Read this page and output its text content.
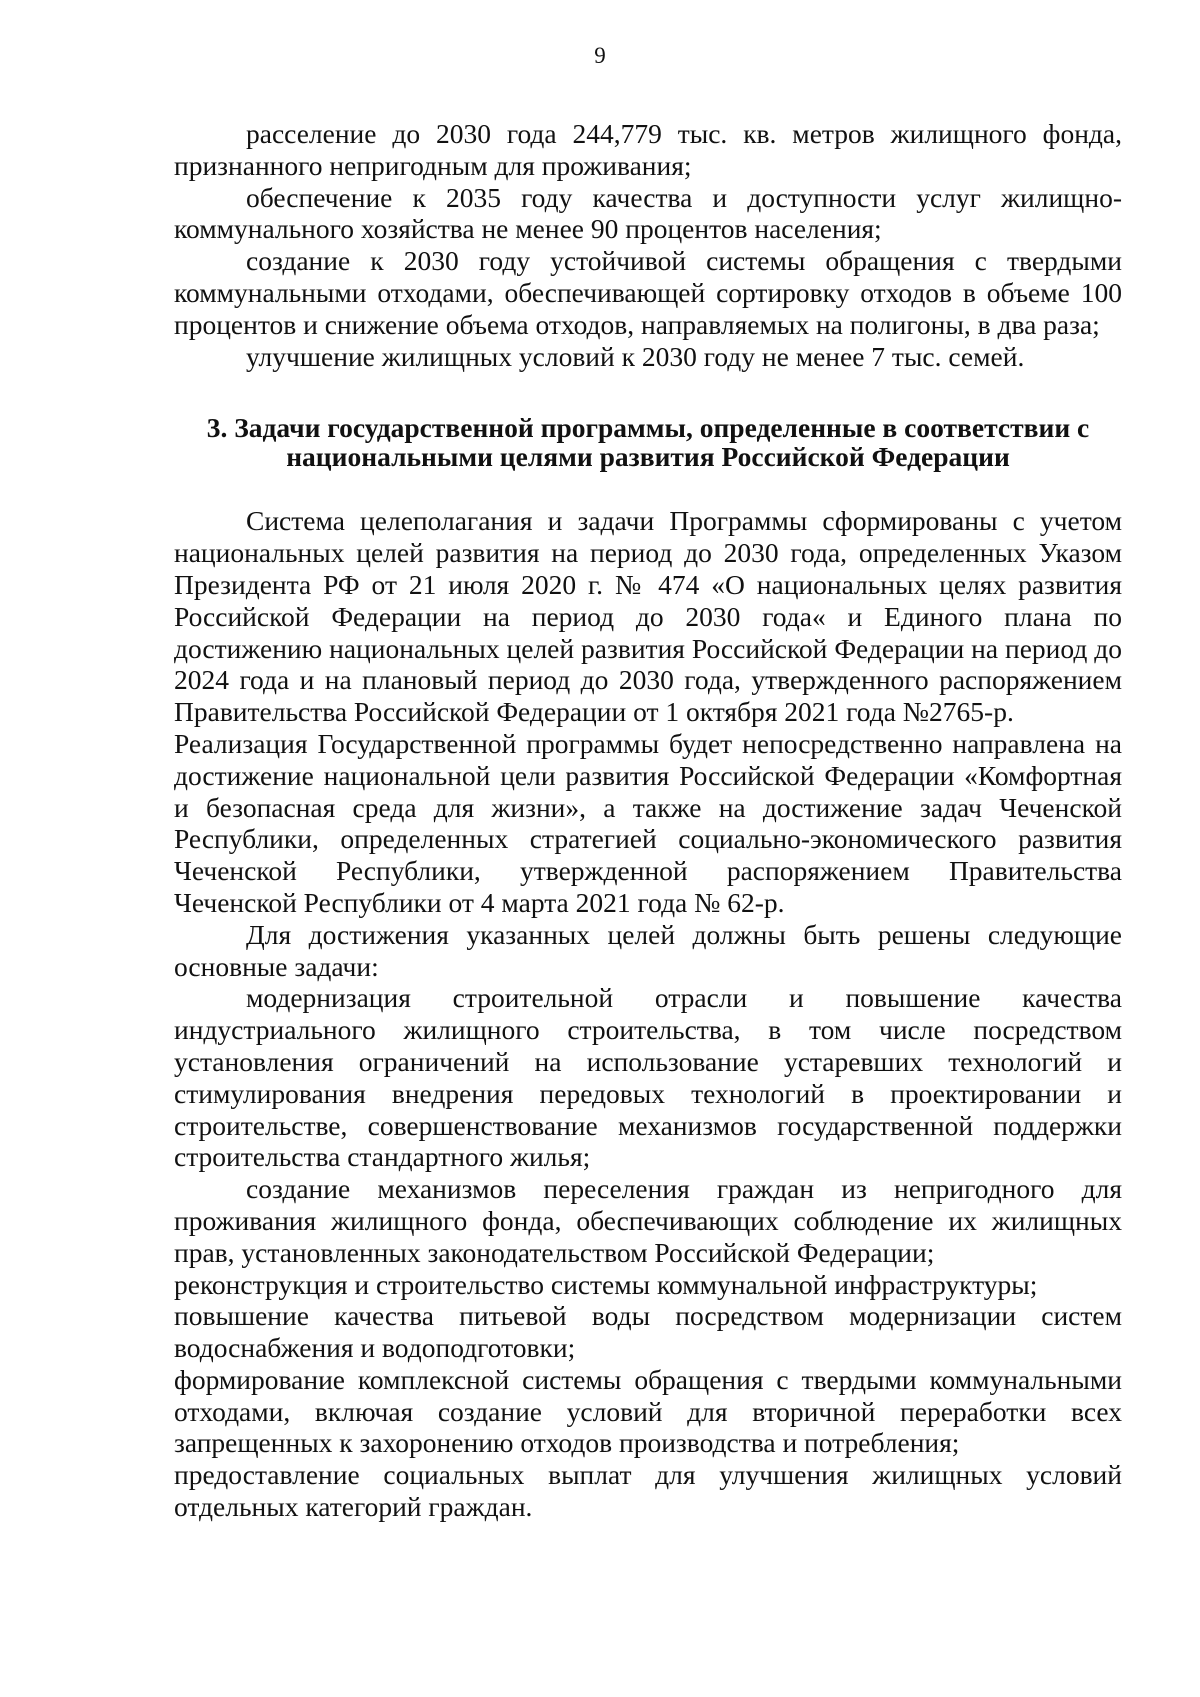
9

расселение до 2030 года 244,779 тыс. кв. метров жилищного фонда, признанного непригодным для проживания;

обеспечение к 2035 году качества и доступности услуг жилищно-коммунального хозяйства не менее 90 процентов населения;

создание к 2030 году устойчивой системы обращения с твердыми коммунальными отходами, обеспечивающей сортировку отходов в объеме 100 процентов и снижение объема отходов, направляемых на полигоны, в два раза;

улучшение жилищных условий к 2030 году не менее 7 тыс. семей.

3. Задачи государственной программы, определенные в соответствии с
национальными целями развития Российской Федерации

Система целеполагания и задачи Программы сформированы с учетом национальных целей развития на период до 2030 года, определенных Указом Президента РФ от 21 июля 2020 г. № 474 «О национальных целях развития Российской Федерации на период до 2030 года« и Единого плана по достижению национальных целей развития Российской Федерации на период до 2024 года и на плановый период до 2030 года, утвержденного распоряжением Правительства Российской Федерации от 1 октября 2021 года №2765-р.

Реализация Государственной программы будет непосредственно направлена на достижение национальной цели развития Российской Федерации «Комфортная и безопасная среда для жизни», а также на достижение задач Чеченской Республики, определенных стратегией социально-экономического развития Чеченской Республики, утвержденной распоряжением Правительства Чеченской Республики от 4 марта 2021 года № 62-р.

Для достижения указанных целей должны быть решены следующие основные задачи:

модернизация строительной отрасли и повышение качества индустриального жилищного строительства, в том числе посредством установления ограничений на использование устаревших технологий и стимулирования внедрения передовых технологий в проектировании и строительстве, совершенствование механизмов государственной поддержки строительства стандартного жилья;

создание механизмов переселения граждан из непригодного для проживания жилищного фонда, обеспечивающих соблюдение их жилищных прав, установленных законодательством Российской Федерации;

реконструкция и строительство системы коммунальной инфраструктуры;

повышение качества питьевой воды посредством модернизации систем водоснабжения и водоподготовки;

формирование комплексной системы обращения с твердыми коммунальными отходами, включая создание условий для вторичной переработки всех запрещенных к захоронению отходов производства и потребления;

предоставление социальных выплат для улучшения жилищных условий отдельных категорий граждан.
